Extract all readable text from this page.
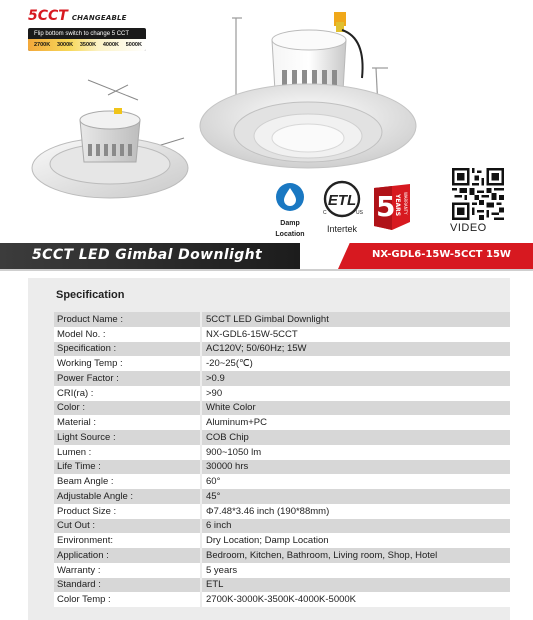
5CCT CHANGEABLE
Flip bottom switch to change 5 CCT
2700K 3000K 3500K 4000K 5000K
Damp
Location
ETL
C	US
Intertek
5
YEARS WARRANTY
VIDEO
5CCT LED Gimbal Downlight	NX-GDL6-15W-5CCT 15W
Specification
Product Name :	5CCT LED Gimbal Downlight
Model No. :	NX-GDL6-15W-5CCT
Specification :	AC120V; 50/60Hz; 15W
Working Temp :	-20~25(℃)
Power Factor :	>0.9
CRI(ra) :	>90
Color :	White Color
Material :	Aluminum+PC
Light Source :	COB Chip
Lumen :	900~1050 lm
Life Time :	30000 hrs
Beam Angle :	60°
Adjustable Angle :	45°
Product Size :	Φ7.48*3.46 inch (190*88mm)
Cut Out :	6 inch
Environment:	Dry Location; Damp Location
Application :	Bedroom, Kitchen, Bathroom, Living room, Shop, Hotel
Warranty :	5 years
Standard :	ETL
Color Temp :	2700K-3000K-3500K-4000K-5000K
